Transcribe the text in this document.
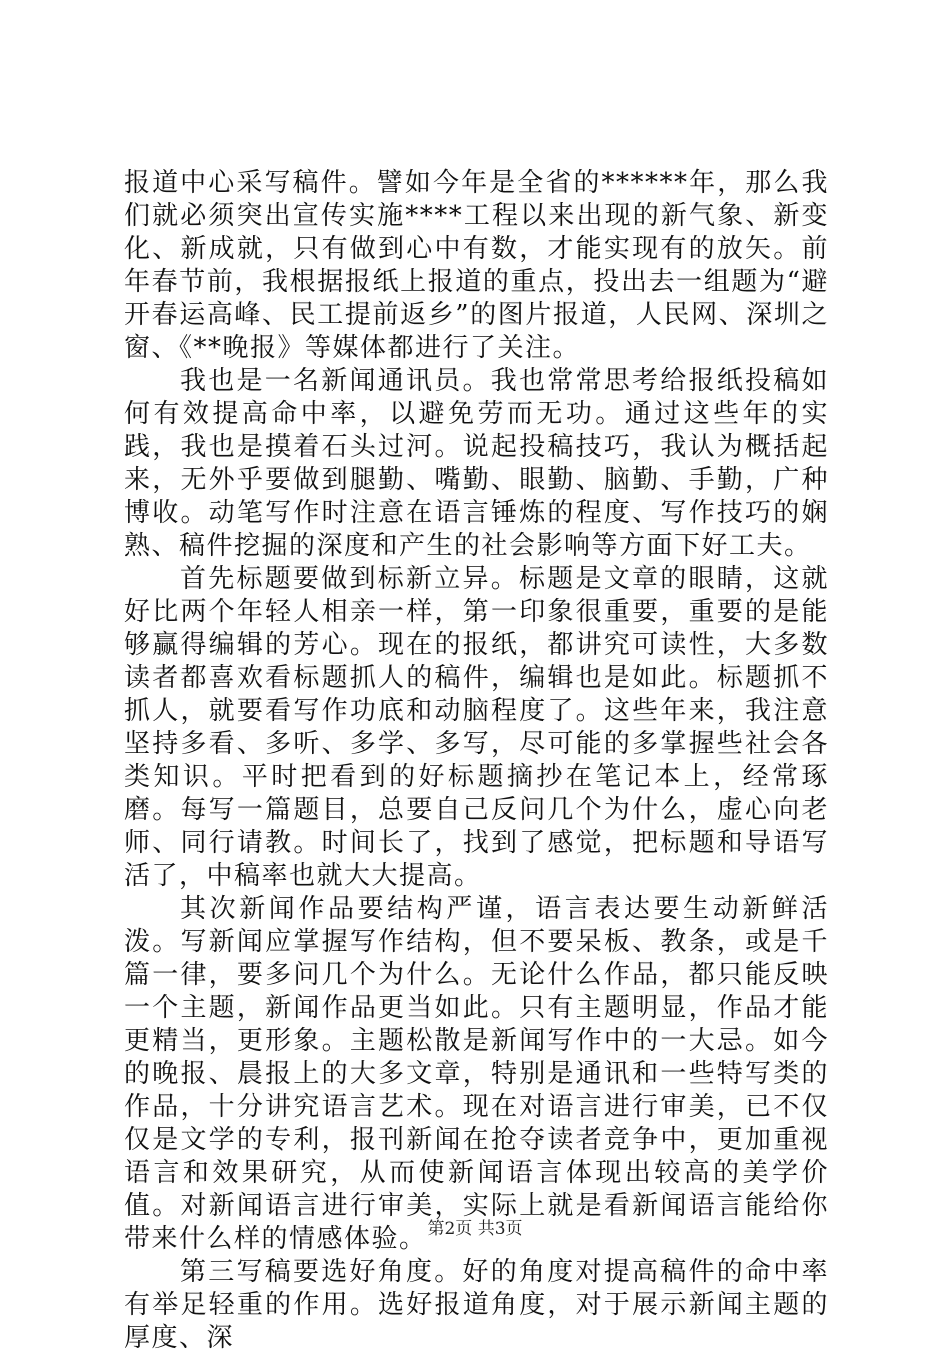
报道中心采写稿件。譬如今年是全省的******年，那么我们就必须突出宣传实施****工程以来出现的新气象、新变化、新成就，只有做到心中有数，才能实现有的放矢。前年春节前，我根据报纸上报道的重点，投出去一组题为“避开春运高峰、民工提前返乡”的图片报道，人民网、深圳之窗、《**晚报》等媒体都进行了关注。

我也是一名新闻通讯员。我也常常思考给报纸投稿如何有效提高命中率，以避免劳而无功。通过这些年的实践，我也是摸着石头过河。说起投稿技巧，我认为概括起来，无外乎要做到腿勤、嘴勤、眼勤、脑勤、手勤，广种博收。动笔写作时注意在语言锤炼的程度、写作技巧的娴熟、稿件挖掘的深度和产生的社会影响等方面下好工夫。

首先标题要做到标新立异。标题是文章的眼睛，这就好比两个年轻人相亲一样，第一印象很重要，重要的是能够赢得编辑的芳心。现在的报纸，都讲究可读性，大多数读者都喜欢看标题抓人的稿件，编辑也是如此。标题抓不抓人，就要看写作功底和动脑程度了。这些年来，我注意坚持多看、多听、多学、多写，尽可能的多掌握些社会各类知识。平时把看到的好标题摘抄在笔记本上，经常琢磨。每写一篇题目，总要自己反问几个为什么，虚心向老师、同行请教。时间长了，找到了感觉，把标题和导语写活了，中稿率也就大大提高。

其次新闻作品要结构严谨，语言表达要生动新鲜活泼。写新闻应掌握写作结构，但不要呆板、教条，或是千篇一律，要多问几个为什么。无论什么作品，都只能反映一个主题，新闻作品更当如此。只有主题明显，作品才能更精当，更形象。主题松散是新闻写作中的一大忌。如今的晚报、晨报上的大多文章，特别是通讯和一些特写类的作品，十分讲究语言艺术。现在对语言进行审美，已不仅仅是文学的专利，报刊新闻在抢夺读者竞争中，更加重视语言和效果研究，从而使新闻语言体现出较高的美学价值。对新闻语言进行审美，实际上就是看新闻语言能给你带来什么样的情感体验。

第三写稿要选好角度。好的角度对提高稿件的命中率有举足轻重的作用。选好报道角度，对于展示新闻主题的厚度、深

第2页 共3页
